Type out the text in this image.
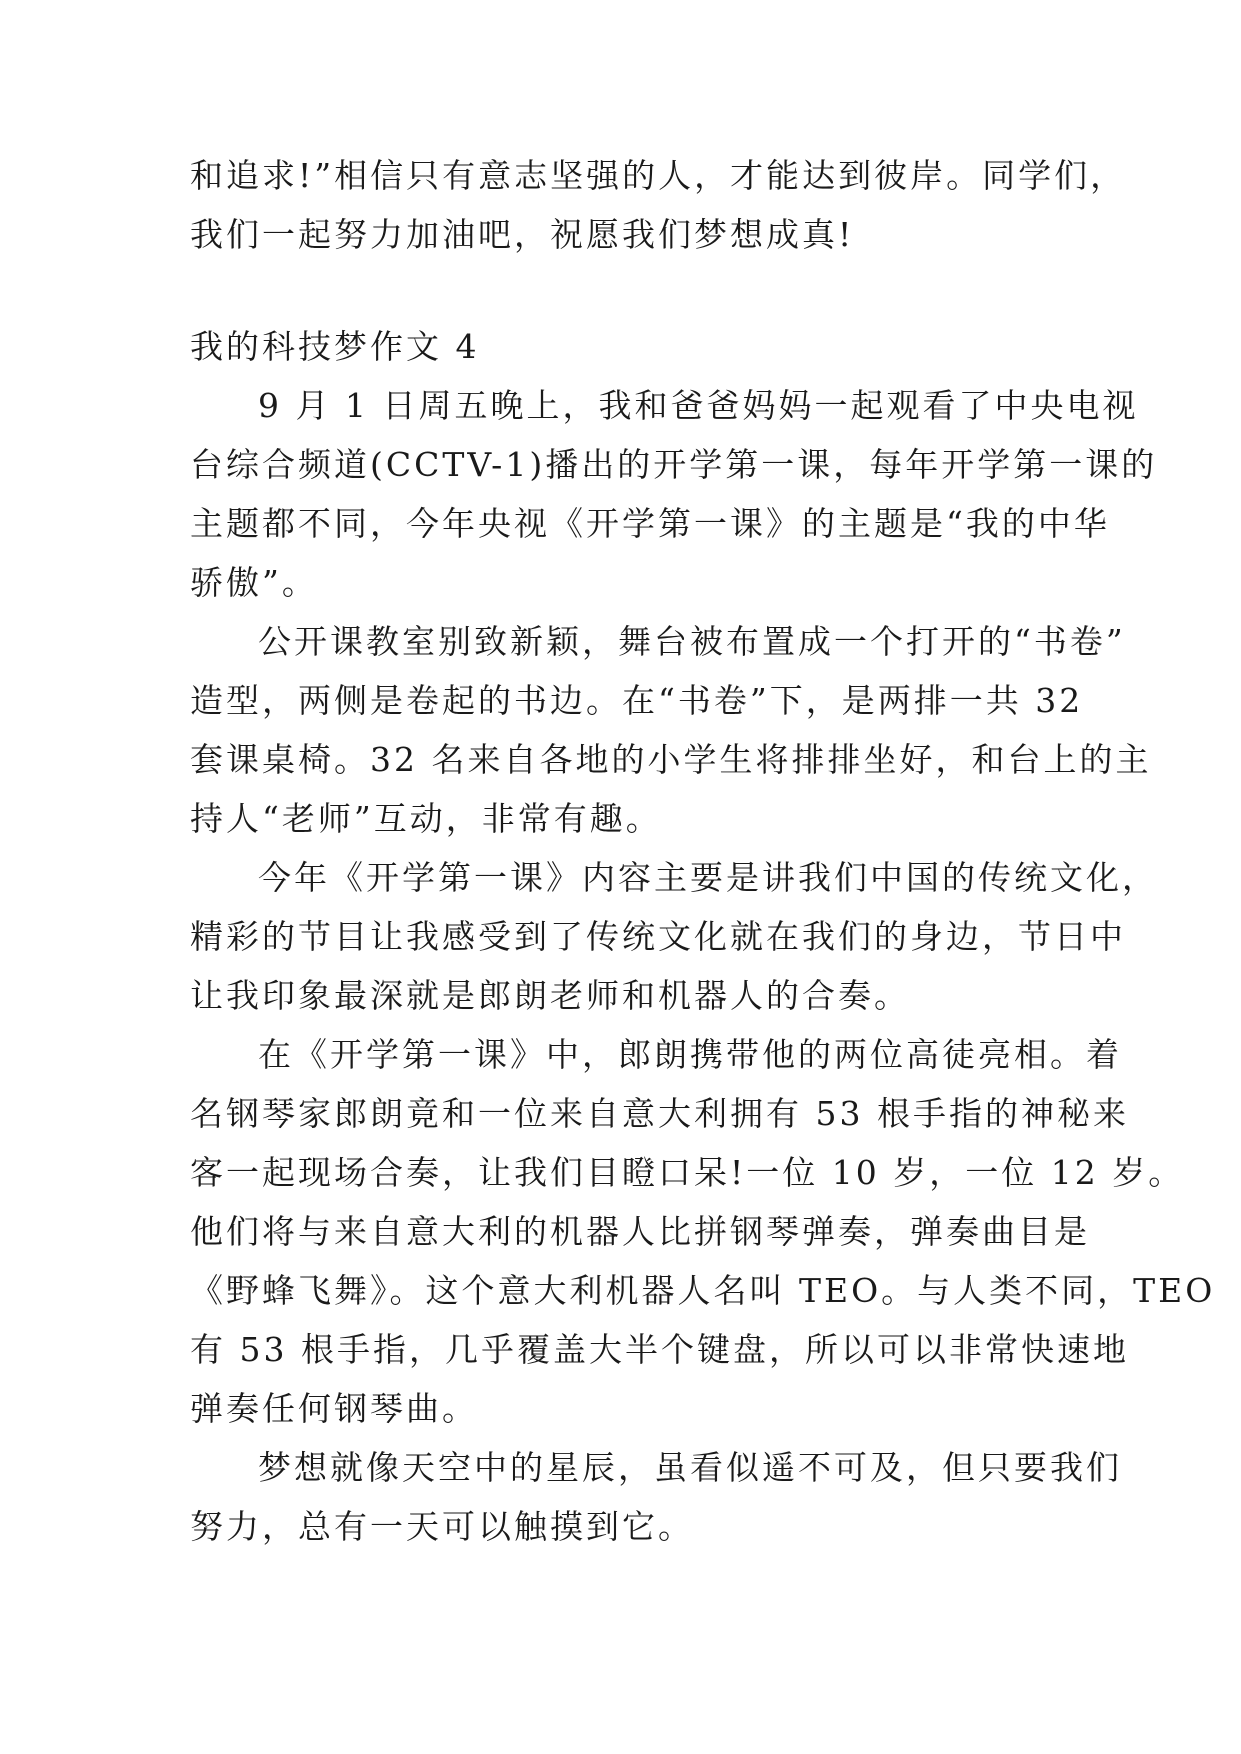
和追求!”相信只有意志坚强的人，才能达到彼岸。同学们，
我们一起努力加油吧，祝愿我们梦想成真!
我的科技梦作文 4
9 月 1 日周五晚上，我和爸爸妈妈一起观看了中央电视
台综合频道(CCTV-1)播出的开学第一课，每年开学第一课的
主题都不同，今年央视《开学第一课》的主题是“我的中华
骄傲”。
公开课教室别致新颖，舞台被布置成一个打开的“书卷”
造型，两侧是卷起的书边。在“书卷”下，是两排一共 32
套课桌椅。32 名来自各地的小学生将排排坐好，和台上的主
持人“老师”互动，非常有趣。
今年《开学第一课》内容主要是讲我们中国的传统文化，
精彩的节目让我感受到了传统文化就在我们的身边，节日中
让我印象最深就是郎朗老师和机器人的合奏。
在《开学第一课》中，郎朗携带他的两位高徒亮相。着
名钢琴家郎朗竟和一位来自意大利拥有 53 根手指的神秘来
客一起现场合奏，让我们目瞪口呆!一位 10 岁，一位 12 岁。
他们将与来自意大利的机器人比拼钢琴弹奏，弹奏曲目是
《野蜂飞舞》。这个意大利机器人名叫 TEO。与人类不同，TEO
有 53 根手指，几乎覆盖大半个键盘，所以可以非常快速地
弹奏任何钢琴曲。
梦想就像天空中的星辰，虽看似遥不可及，但只要我们
努力，总有一天可以触摸到它。
